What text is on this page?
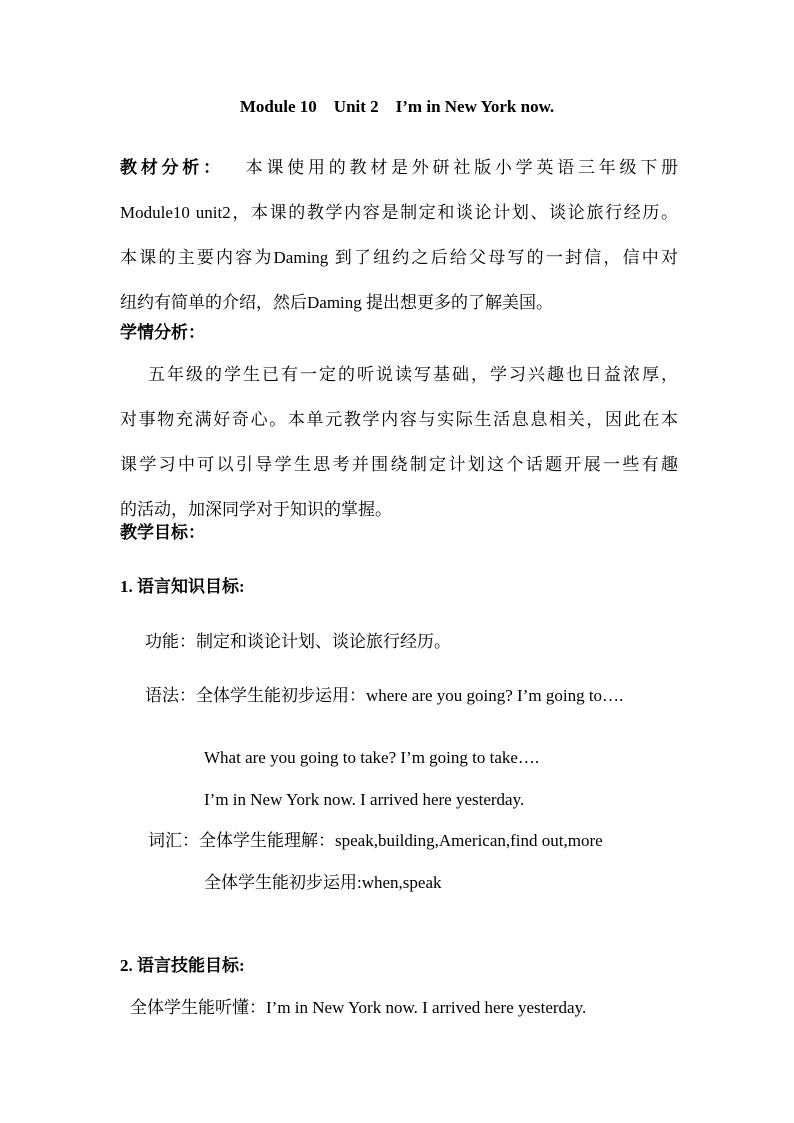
Module 10    Unit 2    I’m in New York now.
教材分析： 本课使用的教材是外研社版小学英语三年级下册
Module10 unit2，本课的教学内容是制定和谈论计划、谈论旅行经历。
本课的主要内容为Daming 到了纽约之后给父母写的一封信，信中对
纽约有简单的介绍，然后Daming 提出想更多的了解美国。
学情分析：
五年级的学生已有一定的听说读写基础，学习兴趣也日益浓厚，
对事物充满好奇心。本单元教学内容与实际生活息息相关，因此在本
课学习中可以引导学生思考并围绕制定计划这个话题开展一些有趣
的活动，加深同学对于知识的掌握。
教学目标：
1. 语言知识目标:
功能：制定和谈论计划、谈论旅行经历。
语法：全体学生能初步运用：where are you going? I’m going to….
What are you going to take? I’m going to take….
I’m in New York now. I arrived here yesterday.
词汇：全体学生能理解：speak,building,American,find out,more
全体学生能初步运用:when,speak
2. 语言技能目标:
全体学生能听懂：I’m in New York now. I arrived here yesterday.
